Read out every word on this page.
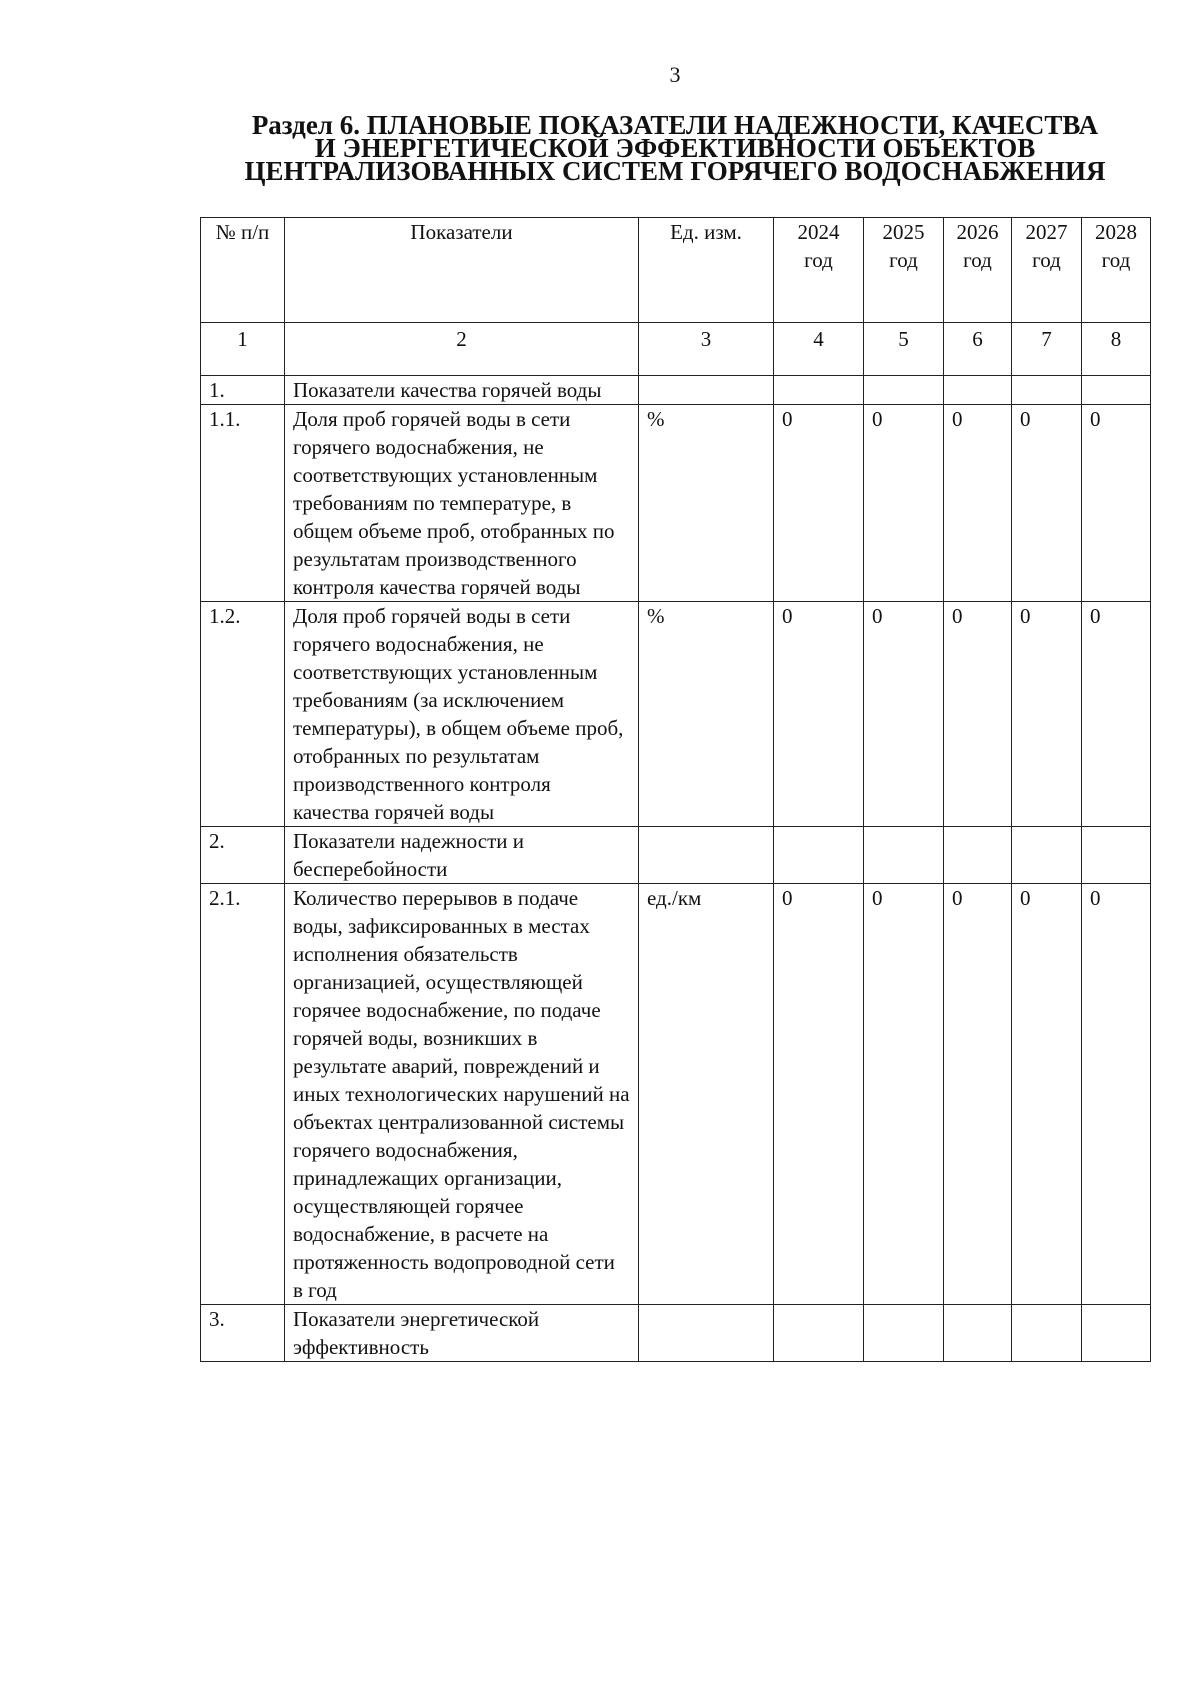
3
Раздел 6. ПЛАНОВЫЕ ПОКАЗАТЕЛИ НАДЕЖНОСТИ, КАЧЕСТВА
И ЭНЕРГЕТИЧЕСКОЙ ЭФФЕКТИВНОСТИ ОБЪЕКТОВ
ЦЕНТРАЛИЗОВАННЫХ СИСТЕМ ГОРЯЧЕГО ВОДОСНАБЖЕНИЯ
№ п/п	Показатели	Ед. изм.	2024 год	2025 год	2026 год	2027 год	2028 год
1	2	3	4	5	6	7	8
1.	Показатели качества горячей воды						
1.1.	Доля проб горячей воды в сети горячего водоснабжения, не соответствующих установленным требованиям по температуре, в общем объеме проб, отобранных по результатам производственного контроля качества горячей воды	%	0	0	0	0	0
1.2.	Доля проб горячей воды в сети горячего водоснабжения, не соответствующих установленным требованиям (за исключением температуры), в общем объеме проб, отобранных по результатам производственного контроля качества горячей воды	%	0	0	0	0	0
2.	Показатели надежности и бесперебойности						
2.1.	Количество перерывов в подаче воды, зафиксированных в местах исполнения обязательств организацией, осуществляющей горячее водоснабжение, по подаче горячей воды, возникших в результате аварий, повреждений и иных технологических нарушений на объектах централизованной системы горячего водоснабжения, принадлежащих организации, осуществляющей горячее водоснабжение, в расчете на протяженность водопроводной сети в год	ед./км	0	0	0	0	0
3.	Показатели энергетической эффективность						
